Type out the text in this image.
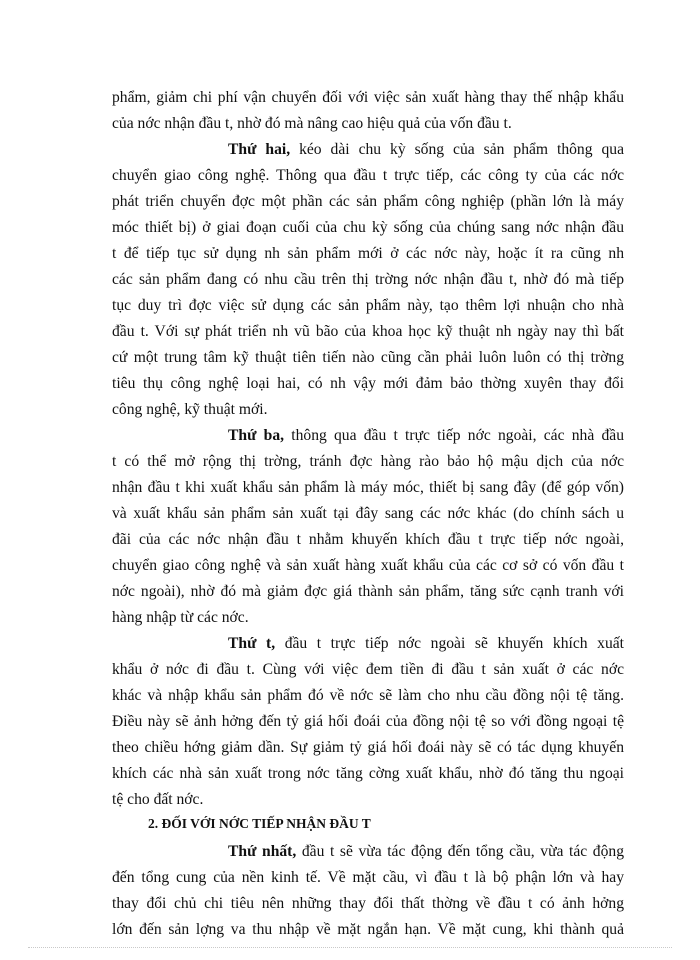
phẩm, giảm chi phí vận chuyển đối với việc sản xuất hàng thay thế nhập khẩu

của nớc nhận đầu t, nhờ đó mà nâng cao hiệu quả của vốn đầu t.

Thứ hai, kéo dài chu kỳ sống của sản phẩm thông qua

chuyển giao công nghệ. Thông qua đầu t trực tiếp, các công ty của các nớc

phát triển chuyển đợc một phần các sản phẩm công nghiệp (phần lớn là máy

móc thiết bị) ở giai đoạn cuối của chu kỳ sống của chúng sang nớc nhận đầu

t để tiếp tục sử dụng nh sản phẩm mới ở các nớc này, hoặc ít ra cũng nh

các sản phẩm đang có nhu cầu trên thị trờng nớc nhận đầu t, nhờ đó mà tiếp

tục duy trì đợc việc sử dụng các sản phẩm này, tạo thêm lợi nhuận cho nhà

đầu t. Với sự phát triển nh vũ bão của khoa học kỹ thuật nh ngày nay thì bất

cứ một trung tâm kỹ thuật tiên tiến nào cũng cần phải luôn luôn có thị trờng

tiêu thụ công nghệ loại hai, có nh vậy mới đảm bảo thờng xuyên thay đổi

công nghệ, kỹ thuật mới.

Thứ ba, thông qua đầu t trực tiếp nớc ngoài, các nhà đầu

t có thể mở rộng thị trờng, tránh đợc hàng rào bảo hộ mậu dịch của nớc

nhận đầu t khi xuất khẩu sản phẩm là máy móc, thiết bị sang đây (để góp vốn)

và xuất khẩu sản phẩm sản xuất tại đây sang các nớc khác (do chính sách u

đãi của các nớc nhận đầu t nhằm khuyến khích đầu t trực tiếp nớc ngoài,

chuyển giao công nghệ và sản xuất hàng xuất khẩu của các cơ sở có vốn đầu t

nớc ngoài), nhờ đó mà giảm đợc giá thành sản phẩm, tăng sức cạnh tranh với

hàng nhập từ các nớc.

Thứ t, đầu t trực tiếp nớc ngoài sẽ khuyến khích xuất

khẩu ở nớc đi đầu t. Cùng với việc đem tiền đi đầu t sản xuất ở các nớc

khác và nhập khẩu sản phẩm đó về nớc sẽ làm cho nhu cầu đồng nội tệ tăng.

Điều này sẽ ảnh hởng đến tỷ giá hối đoái của đồng nội tệ so với đồng ngoại tệ

theo chiều hớng giảm dần. Sự giảm tỷ giá hối đoái này sẽ có tác dụng khuyến

khích các nhà sản xuất trong nớc tăng cờng xuất khẩu, nhờ đó tăng thu ngoại

tệ cho đất nớc.

2. ĐỐI VỚI NỚC TIẾP NHẬN ĐẦU T

Thứ nhất, đầu t sẽ vừa tác động đến tổng cầu, vừa tác động

đến tổng cung của nền kinh tế. Về mặt cầu, vì đầu t là bộ phận lớn và hay

thay đổi chủ chi tiêu nên những thay đổi thất thờng về đầu t có ảnh hởng

lớn đến sản lợng va thu nhập về mặt ngắn hạn. Về mặt cung, khi thành quả
